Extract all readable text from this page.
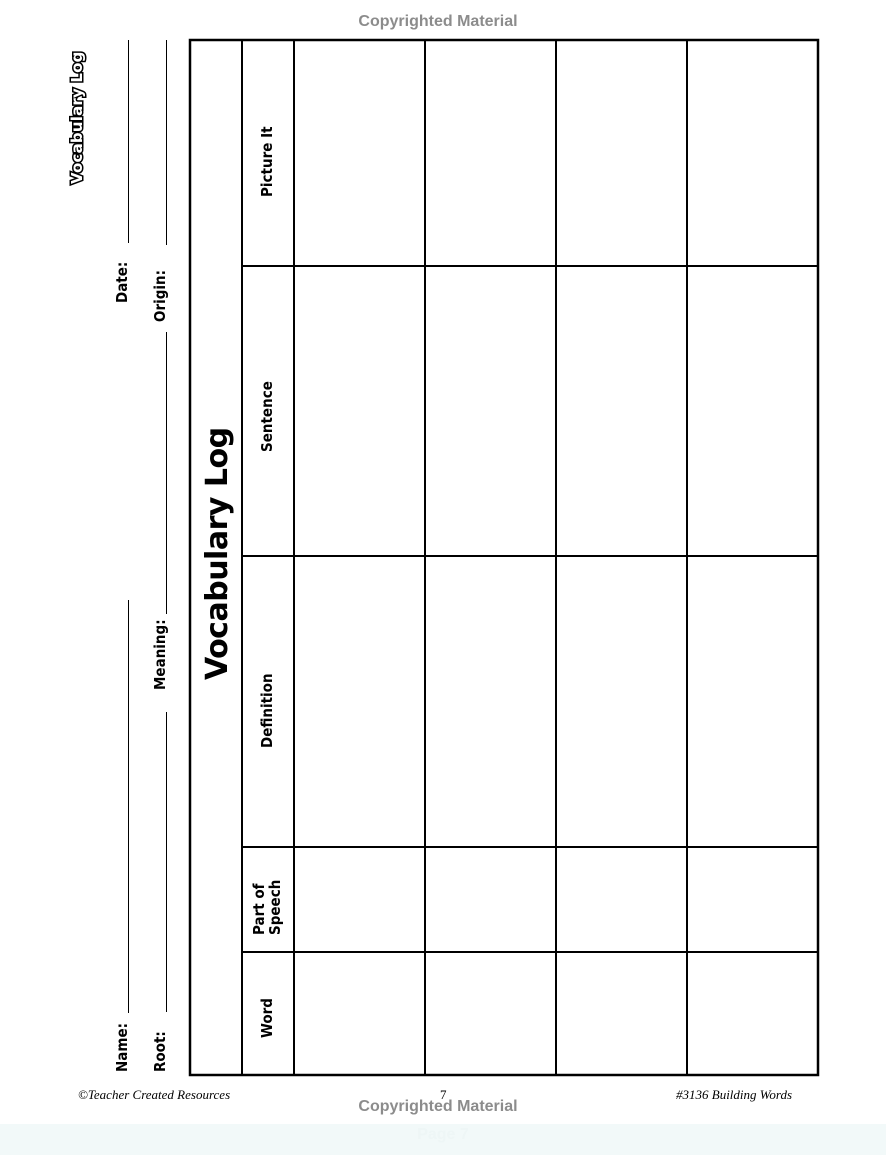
Copyrighted Material
Vocabulary Log
Name:
Date:
Root:
Meaning:
Origin:
Vocabulary Log
Picture It
Sentence
Definition
Part of
Speech
Word
©Teacher Created Resources	7	#3136 Building Words
Copyrighted Material
Page 7
